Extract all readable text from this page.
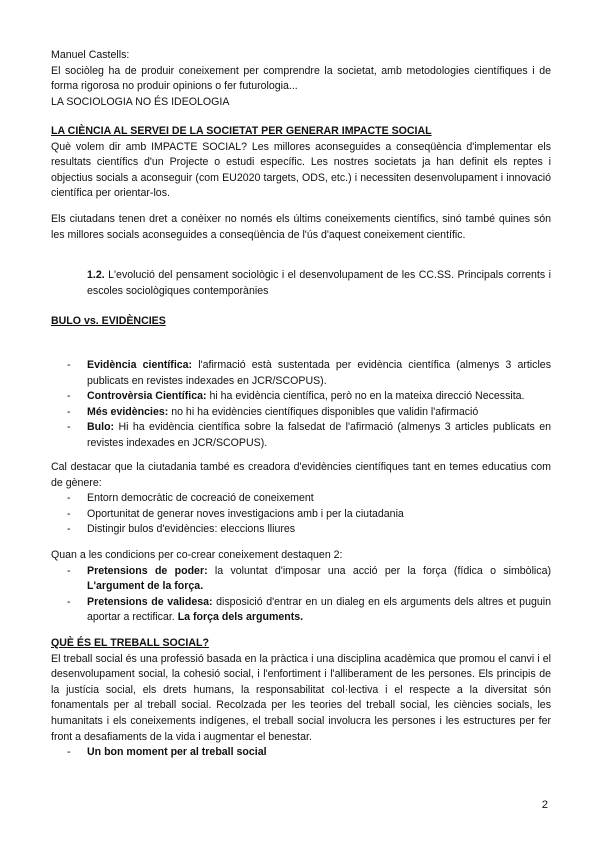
Manuel Castells:

El sociòleg ha de produir coneixement per comprendre la societat, amb metodologies científiques i de forma rigorosa no produir opinions o fer futurologia...

LA SOCIOLOGIA NO ÉS IDEOLOGIA

LA CIÈNCIA AL SERVEI DE LA SOCIETAT PER GENERAR IMPACTE SOCIAL

Què volem dir amb IMPACTE SOCIAL? Les millores aconseguides a conseqüència d'implementar els resultats científics d'un Projecte o estudi específic. Les nostres societats ja han definit els reptes i objectius socials a aconseguir (com EU2020 targets, ODS, etc.) i necessiten desenvolupament i innovació científica per orientar-los.

Els ciutadans tenen dret a conèixer no només els últims coneixements científics, sinó també quines són les millores socials aconseguides a conseqüència de l'ús d'aquest coneixement científic.

1.2. L'evolució del pensament sociològic i el desenvolupament de les CC.SS. Principals corrents i escoles sociològiques contemporànies

BULO vs. EVIDÈNCIES
- Evidència científica: l'afirmació està sustentada per evidència científica (almenys 3 articles publicats en revistes indexades en JCR/SCOPUS).
- Controvèrsia Científica: hi ha evidència científica, però no en la mateixa direcció Necessita.
- Més evidències: no hi ha evidències científiques disponibles que validin l'afirmació
- Bulo: Hi ha evidència científica sobre la falsedat de l'afirmació (almenys 3 articles publicats en revistes indexades en JCR/SCOPUS).

Cal destacar que la ciutadania també es creadora d'evidències científiques tant en temes educatius com de gènere:

- Entorn democràtic de cocreació de coneixement
- Oportunitat de generar noves investigacions amb i per la ciutadania
- Distingir bulos d'evidències: eleccions lliures

Quan a les condicions per co-crear coneixement destaquen 2:

- Pretensions de poder: la voluntat d'imposar una acció per la força (fídica o simbòlica) L'argument de la força.
- Pretensions de validesa: disposició d'entrar en un dialeg en els arguments dels altres et puguin aportar a rectificar. La força dels arguments.
QUÈ ÉS EL TREBALL SOCIAL?

El treball social és una professió basada en la pràctica i una disciplina acadèmica que promou el canvi i el desenvolupament social, la cohesió social, i l'enfortiment i l'alliberament de les persones. Els principis de la justícia social, els drets humans, la responsabilitat col·lectiva i el respecte a la diversitat són fonamentals per al treball social. Recolzada per les teories del treball social, les ciències socials, les humanitats i els coneixements indígenes, el treball social involucra les persones i les estructures per fer front a desafiaments de la vida i augmentar el benestar.

- Un bon moment per al treball social
2
